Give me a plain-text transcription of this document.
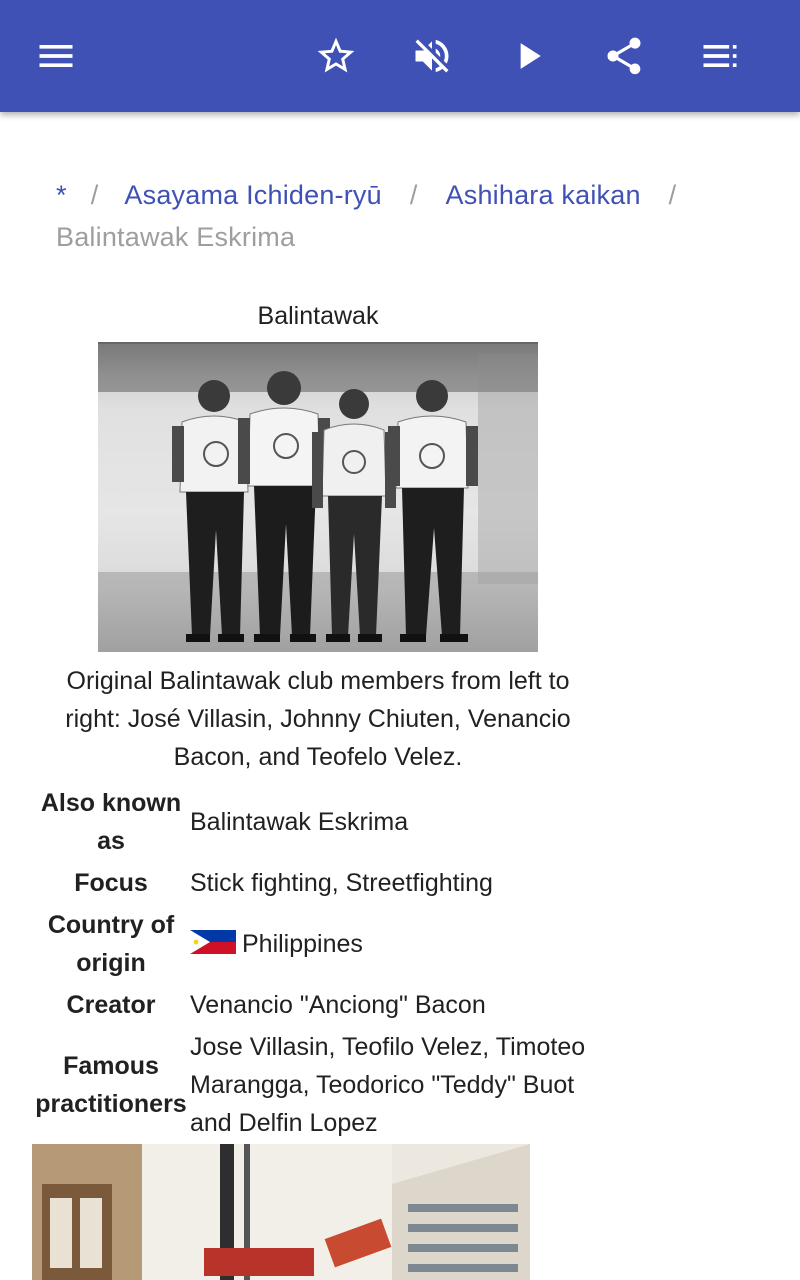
* / Asayama Ichiden-ryū / Ashihara kaikan /
Balintawak Eskrima
Balintawak
Original Balintawak club members from left to right: José Villasin, Johnny Chiuten, Venancio Bacon, and Teofelo Velez.
Also known as	Balintawak Eskrima
Focus	Stick fighting, Streetfighting
Country of origin	Philippines
Creator	Venancio "Anciong" Bacon
Famous practitioners	Jose Villasin, Teofilo Velez, Timoteo Marangga, Teodorico "Teddy" Buot and Delfin Lopez
